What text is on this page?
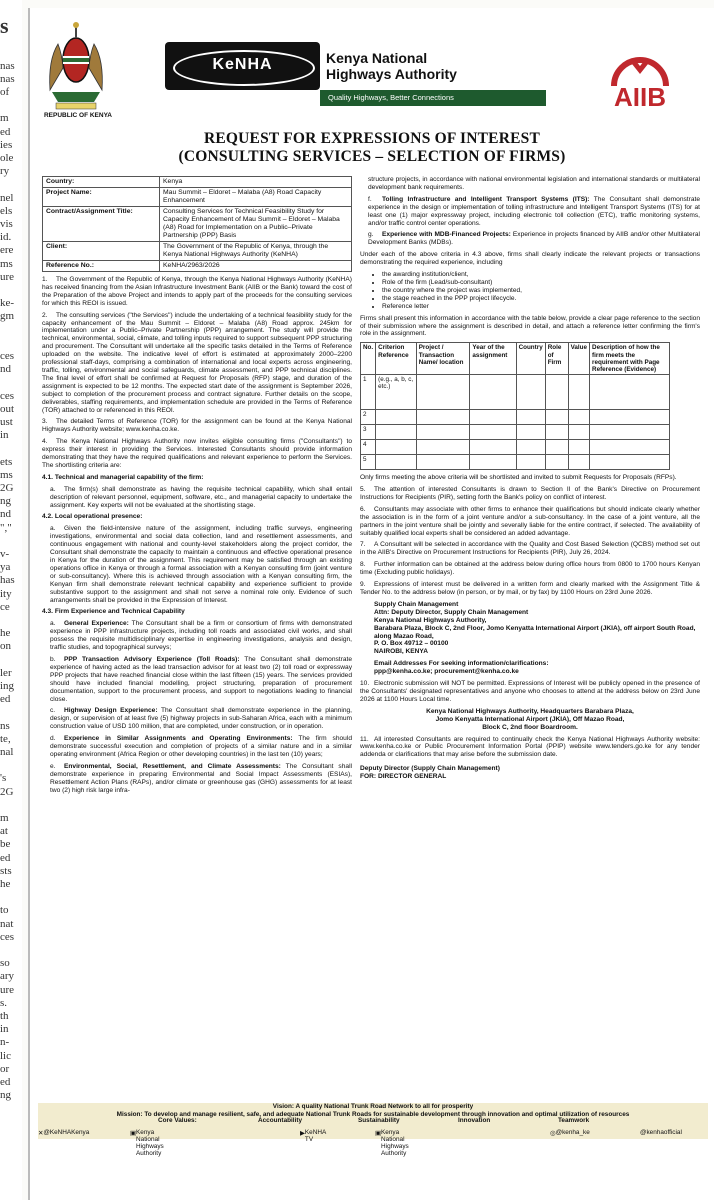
s
nas
nas
of
m
ed
ies
ole
ry
nel
els
vis
id.
ere
ms
ure
ke-
gm
ces
nd
ces
out
ust
in
ets
ms
2G
ng
nd
","
v-
ya
has
ity
ce
he
on
ler
ing
ed
ns
te,
nal
's
2G
m
at
be
ed
sts
he
to
nat
ces
so
ary
ure
s.
th
in
n-
lic
or
ed
ng
REPUBLIC OF KENYA
KeNHA	Kenya National
Highways Authority
Quality Highways, Better Connections	AIIB
REQUEST FOR EXPRESSIONS OF INTEREST
(CONSULTING SERVICES – SELECTION OF FIRMS)
Country:	Kenya
Project Name:	Mau Summit – Eldoret – Malaba (A8) Road Capacity Enhancement
Contract/Assignment Title:	Consulting Services for Technical Feasibility Study for Capacity Enhancement of Mau Summit – Eldoret – Malaba (A8) Road for Implementation on a Public–Private Partnership (PPP) Basis
Client:	The Government of the Republic of Kenya, through the Kenya National Highways Authority (KeNHA)
Reference No.:	KeNHA/2963/2026

1. The Government of the Republic of Kenya, through the Kenya National Highways Authority (KeNHA) has received financing from the Asian Infrastructure Investment Bank (AIIB or the Bank) toward the cost of the Preparation of the above Project and intends to apply part of the proceeds for the consulting services for which this REOI is issued.

2. The consulting services ("the Services") include the undertaking of a technical feasibility study for the capacity enhancement of the Mau Summit – Eldoret – Malaba (A8) Road approx. 245km for implementation under a Public–Private Partnership (PPP) arrangement. The study will provide the technical, environmental, social, climate, and tolling inputs required to support subsequent PPP structuring and procurement. The Consultant will undertake all the specific tasks detailed in the Terms of Reference uploaded on the website. The indicative level of effort is estimated at approximately 2000–2200 professional staff-days, comprising a combination of international and local experts across engineering, traffic, tolling, environmental and social safeguards, climate assessment, and PPP technical disciplines. The final level of effort shall be confirmed at Request for Proposals (RFP) stage, and duration of the assignment is expected to be 12 months. The expected start date of the assignment is September 2026, subject to completion of the procurement process and contract signature. Further details on the scope, deliverables, staffing requirements, and implementation schedule are provided in the Terms of Reference (TOR) attached to or referenced in this REOI.

3. The detailed Terms of Reference (TOR) for the assignment can be found at the Kenya National Highways Authority website; www.kenha.co.ke.

4. The Kenya National Highways Authority now invites eligible consulting firms ("Consultants") to express their interest in providing the Services. Interested Consultants should provide information demonstrating that they have the required qualifications and relevant experience to perform the Services. The shortlisting criteria are:

4.1. Technical and managerial capability of the firm:

a. The firm(s) shall demonstrate as having the requisite technical capability, which shall entail description of relevant personnel, equipment, software, etc., and managerial capacity to undertake the assignment. Key experts will not be evaluated at the shortlisting stage.

4.2. Local operational presence:

a. Given the field-intensive nature of the assignment, including traffic surveys, engineering investigations, environmental and social data collection, land and resettlement assessments, and continuous engagement with national and county-level stakeholders along the project corridor, the Consultant shall demonstrate the capacity to maintain a continuous and effective operational presence in Kenya for the duration of the assignment. This requirement may be satisfied through an existing operations office in Kenya or through a formal association with a Kenyan consulting firm (joint venture or sub-consultancy). Where this is achieved through association with a Kenyan consulting firm, the Kenyan firm shall demonstrate relevant technical capability and experience sufficient to provide substantive support to the assignment and shall not serve a nominal role only. Evidence of such arrangements shall be provided in the Expression of Interest.

4.3. Firm Experience and Technical Capability

a. General Experience: The Consultant shall be a firm or consortium of firms with demonstrated experience in PPP infrastructure projects, including toll roads and associated civil works, and shall possess the requisite multidisciplinary expertise in engineering investigations, analysis and design, traffic studies, and topographical surveys;

b. PPP Transaction Advisory Experience (Toll Roads): The Consultant shall demonstrate experience of having acted as the lead transaction advisor for at least two (2) toll road or expressway PPP projects that have reached financial close within the last fifteen (15) years. The services provided should have included financial modelling, project structuring, preparation of procurement documentation, support to the procurement process, and support to negotiations leading to financial close.

c. Highway Design Experience: The Consultant shall demonstrate experience in the planning, design, or supervision of at least five (5) highway projects in sub-Saharan Africa, each with a minimum construction value of USD 100 million, that are completed, under construction, or in operation.

d. Experience in Similar Assignments and Operating Environments: The firm should demonstrate successful execution and completion of projects of a similar nature and in a similar operating environment (Africa Region or other developing countries) in the last ten (10) years;

e. Environmental, Social, Resettlement, and Climate Assessments: The Consultant shall demonstrate experience in preparing Environmental and Social Impact Assessments (ESIAs), Resettlement Action Plans (RAPs), and/or climate or greenhouse gas (GHG) assessments for at least two (2) high risk large infra-

structure projects, in accordance with national environmental legislation and international standards or multilateral development bank requirements.

f. Tolling Infrastructure and Intelligent Transport Systems (ITS): The Consultant shall demonstrate experience in the design or implementation of tolling infrastructure and Intelligent Transport Systems (ITS) for at least one (1) major expressway project, including electronic toll collection (ETC), traffic monitoring systems, and/or traffic control center operations.

g. Experience with MDB-Financed Projects: Experience in projects financed by AIIB and/or other Multilateral Development Banks (MDBs).

Under each of the above criteria in 4.3 above, firms shall clearly indicate the relevant projects or transactions demonstrating the required experience, including

• the awarding institution/client,
• Role of the firm (Lead/sub-consultant)
• the country where the project was implemented,
• the stage reached in the PPP project lifecycle.
• Reference letter

Firms shall present this information in accordance with the table below, provide a clear page reference to the section of their submission where the assignment is described in detail, and attach a reference letter confirming the firm's role in the assignment.

No.	Criterion Reference	Project / Transaction Name/ location	Year of the assignment	Country	Role of Firm	Value	Description of how the firm meets the requirement with Page Reference (Evidence)
1	(e.g., a, b, c, etc.)						
2							
3							
4							
5							

Only firms meeting the above criteria will be shortlisted and invited to submit Requests for Proposals (RFPs).

5. The attention of interested Consultants is drawn to Section II of the Bank's Directive on Procurement Instructions for Recipients (PIR), setting forth the Bank's policy on conflict of interest.

6. Consultants may associate with other firms to enhance their qualifications but should indicate clearly whether the association is in the form of a joint venture and/or a sub-consultancy. In the case of a joint venture, all the partners in the joint venture shall be jointly and severally liable for the entire contract, if selected. The availability of suitably qualified local experts shall be considered an added advantage.

7. A Consultant will be selected in accordance with the Quality and Cost Based Selection (QCBS) method set out in the AIIB's Directive on Procurement Instructions for Recipients (PIR), July 26, 2024.

8. Further information can be obtained at the address below during office hours from 0800 to 1700 hours Kenyan time (Excluding public holidays).

9. Expressions of interest must be delivered in a written form and clearly marked with the Assignment Title & Tender No. to the address below (in person, or by mail, or by fax) by 1100 Hours on 23rd June 2026.

Supply Chain Management
Attn: Deputy Director, Supply Chain Management
Kenya National Highways Authority,
Barabara Plaza, Block C, 2nd Floor, Jomo Kenyatta International Airport (JKIA), off airport South Road, along Mazao Road,
P. O. Box 49712 – 00100
NAIROBI, KENYA

Email Addresses For seeking information/clarifications:

ppp@kenha.co.ke; procurement@kenha.co.ke

10. Electronic submission will NOT be permitted. Expressions of Interest will be publicly opened in the presence of the Consultants' designated representatives and anyone who chooses to attend at the address below on 23rd June 2026 at 1100 Hours Local time.

Kenya National Highways Authority, Headquarters Barabara Plaza,
Jomo Kenyatta International Airport (JKIA), Off Mazao Road,
Block C, 2nd floor Boardroom.

11. All interested Consultants are required to continually check the Kenya National Highways Authority website: www.kenha.co.ke or Public Procurement Information Portal (PPIP) website www.tenders.go.ke for any tender addenda or clarifications that may arise before the submission date.

Deputy Director (Supply Chain Management)

FOR: DIRECTOR GENERAL

Vision: A quality National Trunk Road Network to all for prosperity
Mission: To develop and manage resilient, safe, and adequate National Trunk Roads for sustainable development through innovation and optimal utilization of resources
Core Values:	Accountability	Sustainability	Innovation	Teamwork
✕ @KeNHAKenya	▣ Kenya National Highways Authority
▶ KeNHA TV
▣ Kenya National Highways Authority
◎ @kenha_ke	@kenhaofficial
